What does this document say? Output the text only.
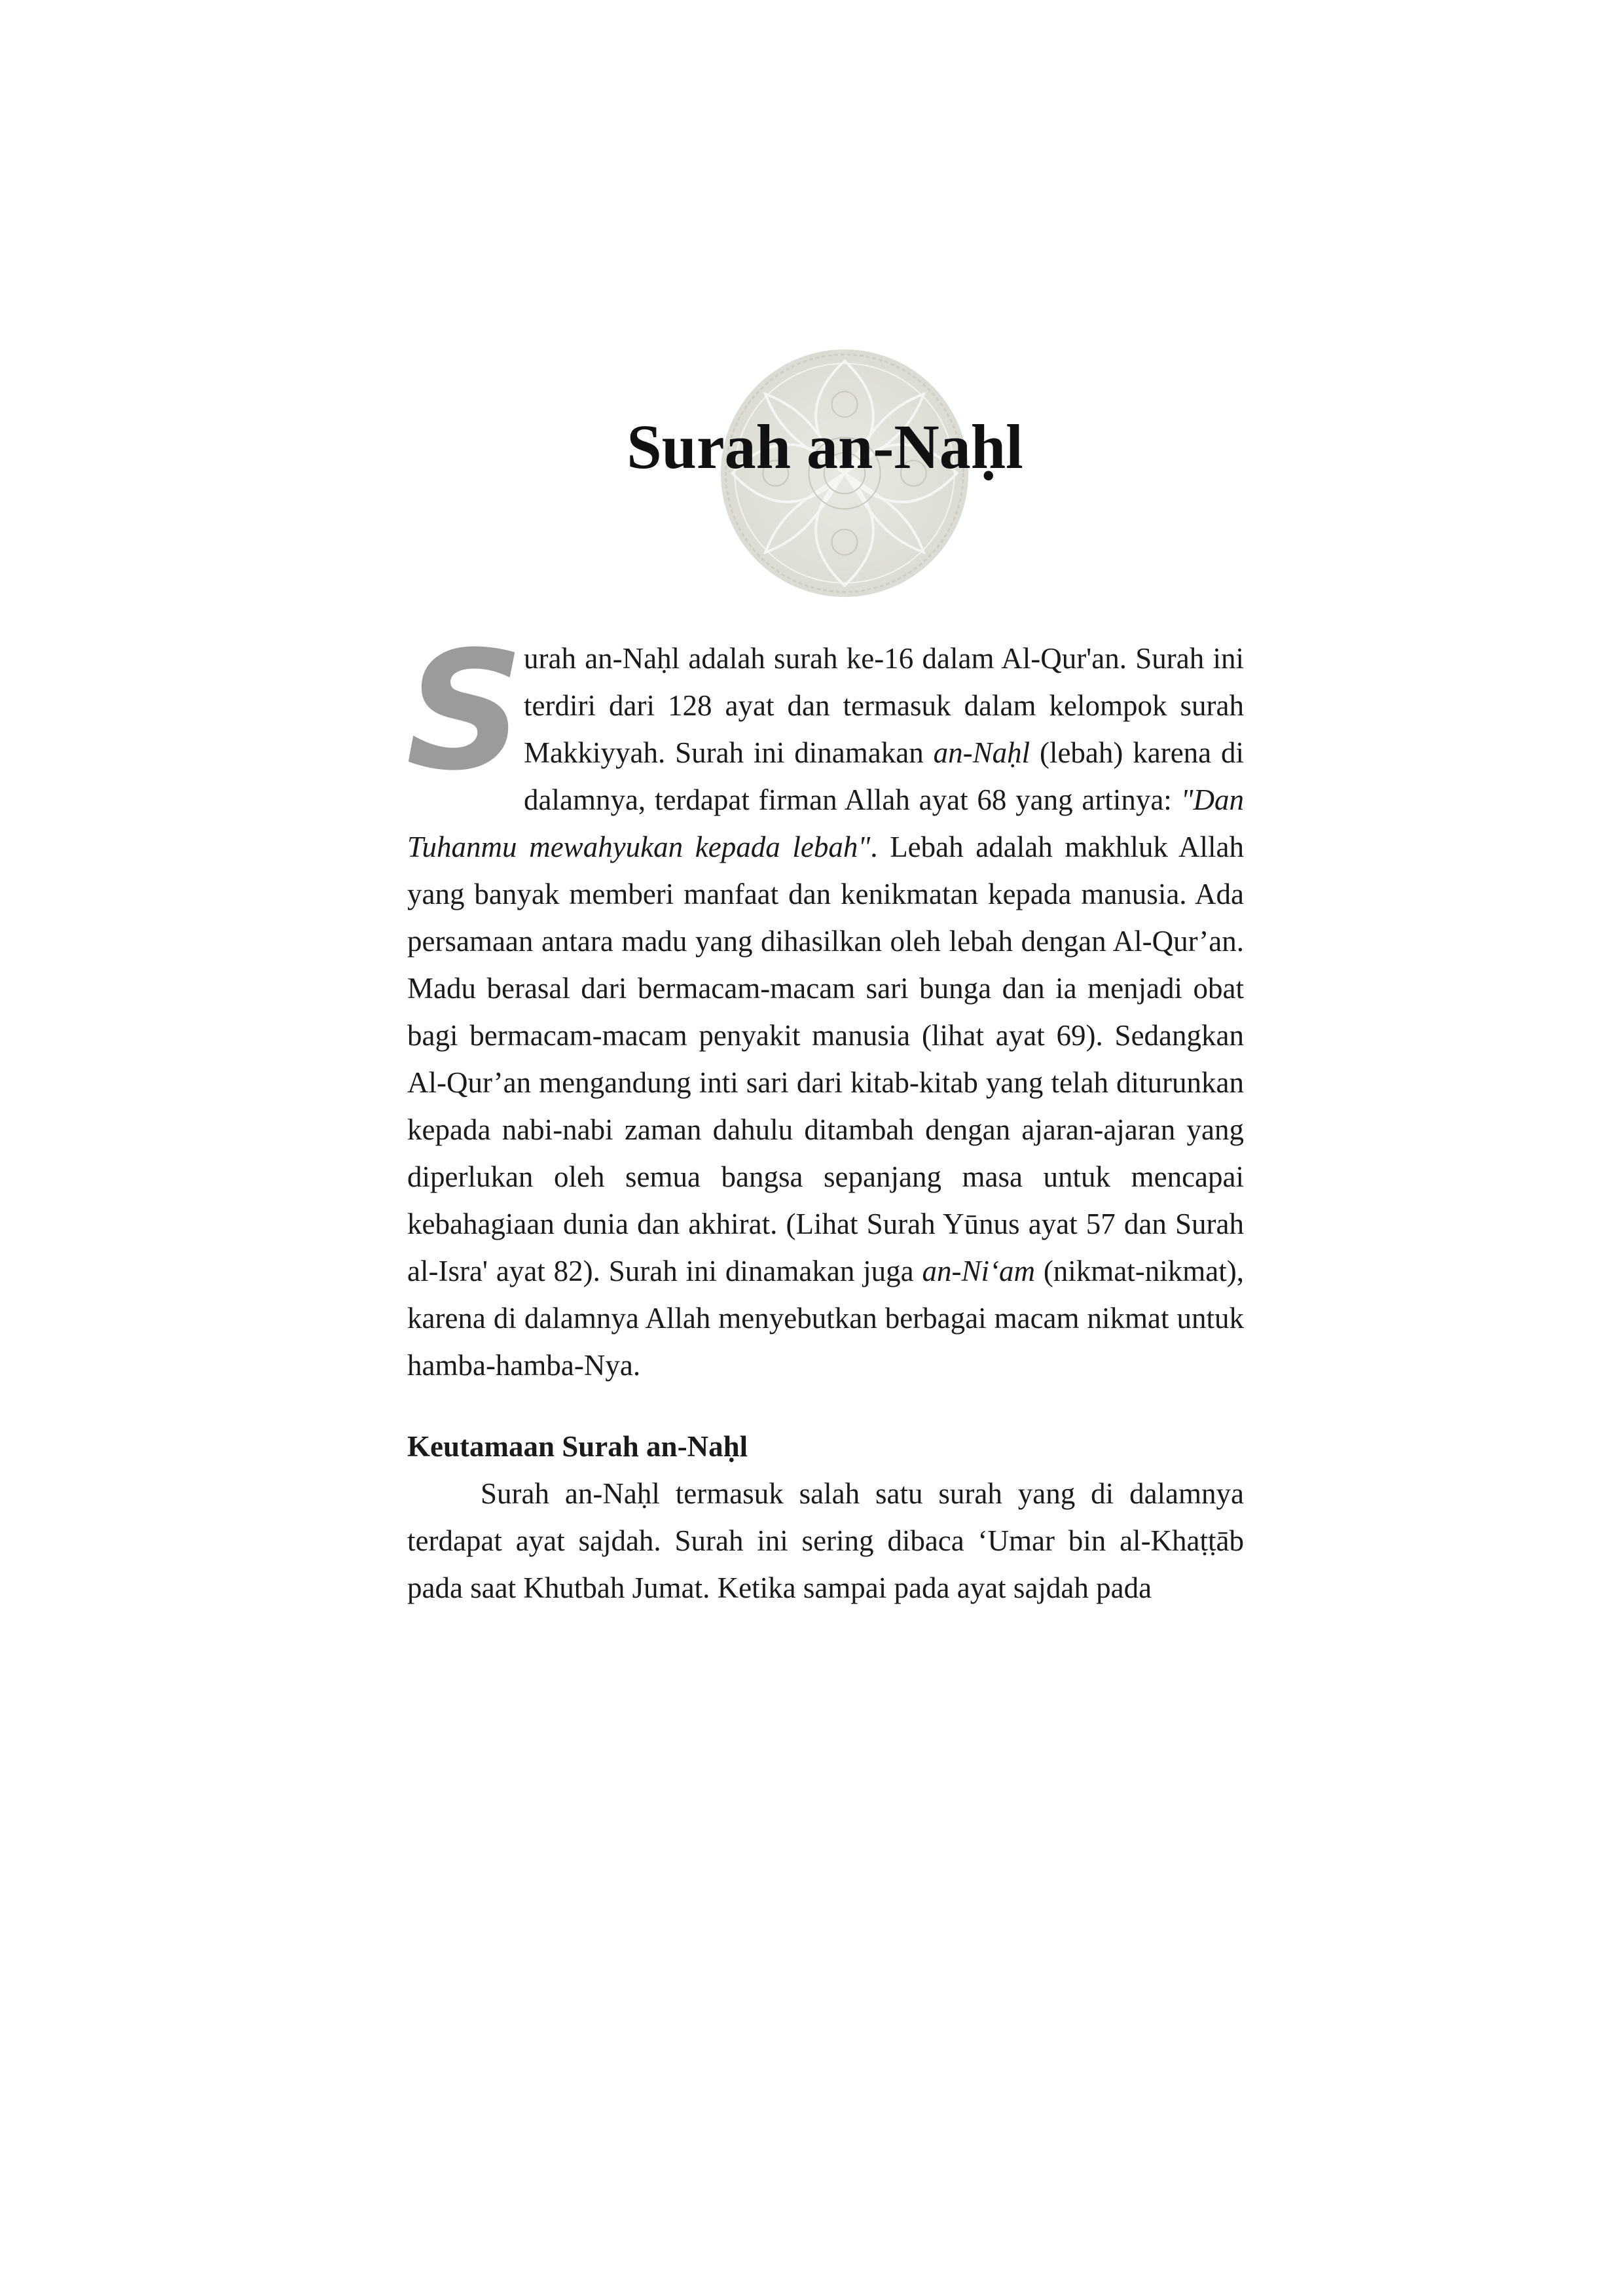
Surah an-Naḥl

Surah an-Naḥl adalah surah ke-16 dalam Al-Qur'an. Surah ini terdiri dari 128 ayat dan termasuk dalam kelompok surah Makkiyyah. Surah ini dinamakan an-Naḥl (lebah) karena di dalamnya, terdapat firman Allah ayat 68 yang artinya: "Dan Tuhanmu mewahyukan kepada lebah". Lebah adalah makhluk Allah yang banyak memberi manfaat dan kenikmatan kepada manusia. Ada persamaan antara madu yang dihasilkan oleh lebah dengan Al-Qur’an. Madu berasal dari bermacam-macam sari bunga dan ia menjadi obat bagi bermacam-macam penyakit manusia (lihat ayat 69). Sedangkan Al-Qur’an mengandung inti sari dari kitab-kitab yang telah diturunkan kepada nabi-nabi zaman dahulu ditambah dengan ajaran-ajaran yang diperlukan oleh semua bangsa sepanjang masa untuk mencapai kebahagiaan dunia dan akhirat. (Lihat Surah Yūnus ayat 57 dan Surah al-Isra' ayat 82). Surah ini dinamakan juga an-Ni‘am (nikmat-nikmat), karena di dalamnya Allah menyebutkan berbagai macam nikmat untuk hamba-hamba-Nya.

Keutamaan Surah an-Naḥl

Surah an-Naḥl termasuk salah satu surah yang di dalamnya terdapat ayat sajdah. Surah ini sering dibaca ‘Umar bin al-Khaṭṭāb pada saat Khutbah Jumat. Ketika sampai pada ayat sajdah pada
